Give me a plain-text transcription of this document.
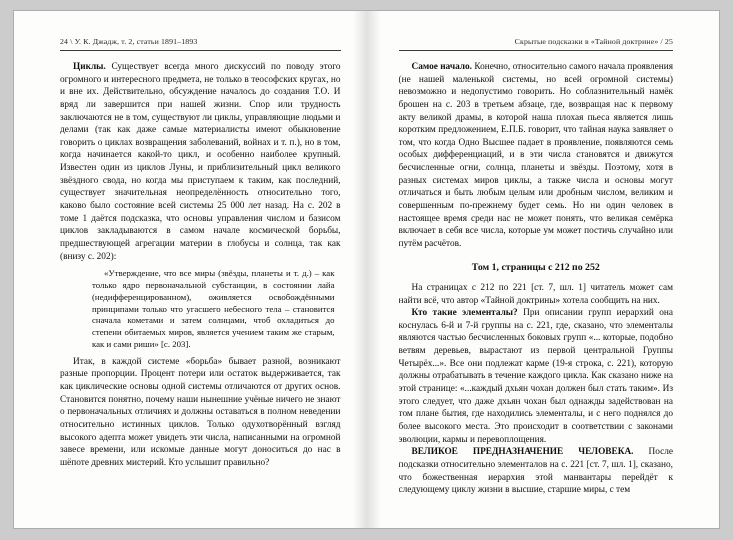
24 \ У. К. Джадж, т. 2, статьи 1891–1893

Циклы. Существует всегда много дискуссий по поводу этого огромного и интересного предмета, не только в теософских кругах, но и вне их. Действительно, обсуждение началось до создания Т.О. И вряд ли завершится при нашей жизни. Спор или трудность заключаются не в том, существуют ли циклы, управляющие людьми и делами (так как даже самые материалисты имеют обыкновение говорить о циклах возвращения заболеваний, войнах и т. п.), но в том, когда начинается какой-то цикл, и особенно наиболее крупный. Известен один из циклов Луны, и приблизительный цикл великого звёздного свода, но когда мы приступаем к таким, как последний, существует значительная неопределённость относительно того, каково было состояние всей системы 25 000 лет назад. На с. 202 в томе 1 даётся подсказка, что основы управления числом и базисом циклов закладываются в самом начале космической борьбы, предшествующей агрегации материи в глобусы и солнца, так как (внизу с. 202):

«Утверждение, что все миры (звёзды, планеты и т. д.) – как только ядро первоначальной субстанции, в состоянии лайа (недифференцированном), оживляется освобождёнными принципами только что угасшего небесного тела – становится сначала кометами и затем солнцами, чтоб охладиться до степени обитаемых миров, является учением таким же старым, как и сами риши» [с. 203].

Итак, в каждой системе «борьба» бывает разной, возникают разные пропорции. Процент потери или остаток выдерживается, так как циклические основы одной системы отличаются от других основ. Становится понятно, почему наши нынешние учёные ничего не знают о первоначальных отличиях и должны оставаться в полном неведении относительно истинных циклов. Только одухотворённый взгляд высокого адепта может увидеть эти числа, написанными на огромной завесе времени, или искомые данные могут доноситься до нас в шёпоте древних мистерий. Кто услышит правильно?

Скрытые подсказки в «Тайной доктрине» / 25

Самое начало. Конечно, относительно самого начала проявления (не нашей маленькой системы, но всей огромной системы) невозможно и недопустимо говорить. Но соблазнительный намёк брошен на с. 203 в третьем абзаце, где, возвращая нас к первому акту великой драмы, в которой наша плохая пьеса является лишь коротким предложением, Е.П.Б. говорит, что тайная наука заявляет о том, что когда Одно Высшее падает в проявление, появляются семь особых дифференциаций, и в эти числа становятся и движутся бесчисленные огни, солнца, планеты и звёзды. Поэтому, хотя в разных системах миров циклы, а также числа и основы могут отличаться и быть любым целым или дробным числом, великим и совершенным по-прежнему будет семь. Но ни один человек в настоящее время среди нас не может понять, что великая семёрка включает в себя все числа, которые ум может постичь случайно или путём расчётов.

Том 1, страницы с 212 по 252

На страницах с 212 по 221 [ст. 7, шл. 1] читатель может сам найти всё, что автор «Тайной доктрины» хотела сообщить на них.

Кто такие элементалы? При описании групп иерархий она коснулась 6-й и 7-й группы на с. 221, где, сказано, что элементалы являются частью бесчисленных боковых групп «... которые, подобно ветвям деревьев, вырастают из первой центральной Группы Четырёх...». Все они подлежат карме (19-я строка, с. 221), которую должны отрабатывать в течение каждого цикла. Как сказано ниже на этой странице: «...каждый дхьян чохан должен был стать таким». Из этого следует, что даже дхьян чохан был однажды задействован на том плане бытия, где находились элементалы, и с него поднялся до более высокого места. Это происходит в соответствии с законами эволюции, кармы и перевоплощения.

ВЕЛИКОЕ ПРЕДНАЗНАЧЕНИЕ ЧЕЛОВЕКА. После подсказки относительно элементалов на с. 221 [ст. 7, шл. 1], сказано, что божественная иерархия этой манвантары перейдёт к следующему циклу жизни в высшие, старшие миры, с тем
